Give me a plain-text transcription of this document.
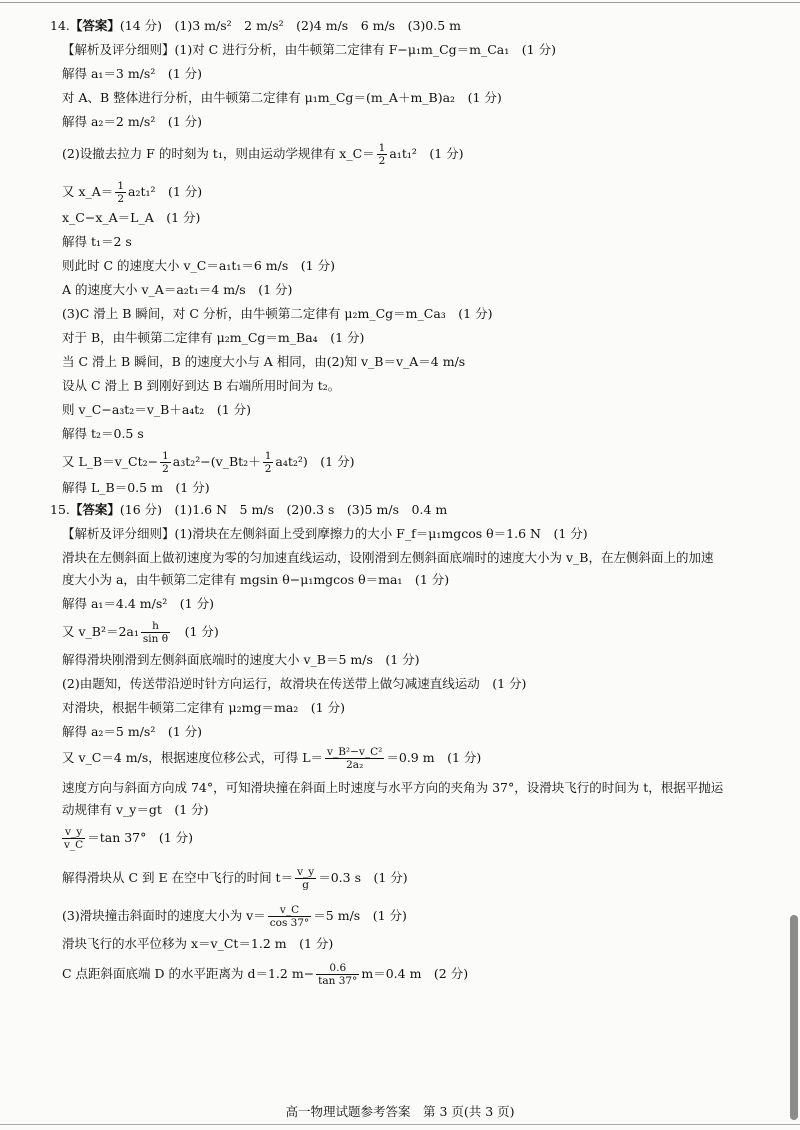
14.【答案】(14 分)　(1)3 m/s²　2 m/s²　(2)4 m/s　6 m/s　(3)0.5 m
【解析及评分细则】(1)对 C 进行分析，由牛顿第二定律有 F−μ₁m_Cg＝m_Ca₁　(1 分)
解得 a₁＝3 m/s²　(1 分)
对 A、B 整体进行分析，由牛顿第二定律有 μ₁m_Cg＝(m_A＋m_B)a₂　(1 分)
解得 a₂＝2 m/s²　(1 分)
(2)设撤去拉力 F 的时刻为 t₁，则由运动学规律有 x_C＝ $\frac{1}{2} a_1t_1^2$　(1 分)
又 x_A＝ $\frac{1}{2} a_2t_1^2$　(1 分)
x_C−x_A＝L_A　(1 分)
解得 t₁＝2 s
则此时 C 的速度大小 v_C＝a₁t₁＝6 m/s　(1 分)
A 的速度大小 v_A＝a₂t₁＝4 m/s　(1 分)
(3)C 滑上 B 瞬间，对 C 分析，由牛顿第二定律有 μ₂m_Cg＝m_Ca₃　(1 分)
对于 B，由牛顿第二定律有 μ₂m_Cg＝m_Ba₄　(1 分)
当 C 滑上 B 瞬间，B 的速度大小与 A 相同，由(2)知 v_B＝v_A＝4 m/s
设从 C 滑上 B 到刚好到达 B 右端所用时间为 t₂。
则 v_C−a₃t₂＝v_B＋a₄t₂　(1 分)
解得 t₂＝0.5 s
又 L_B＝v_Ct₂− $\frac{1}{2}$ a₃t₂²−(v_Bt₂＋ $\frac{1}{2} a_4t_2^2$)　(1 分)
解得 L_B＝0.5 m　(1 分)
15.【答案】(16 分)　(1)1.6 N　5 m/s　(2)0.3 s　(3)5 m/s　0.4 m
【解析及评分细则】(1)滑块在左侧斜面上受到摩擦力的大小 F_f＝μ₁mgcos θ＝1.6 N　(1 分)
滑块在左侧斜面上做初速度为零的匀加速直线运动，设刚滑到左侧斜面底端时的速度大小为 v_B，在左侧斜面上的加速
度大小为 a，由牛顿第二定律有 mgsin θ−μ₁mgcos θ＝ma₁　(1 分)
解得 a₁＝4.4 m/s²　(1 分)
又 v_B²＝2a₁ $\frac{h}{\text{sin θ}}$ 　(1 分)
解得滑块刚滑到左侧斜面底端时的速度大小 v_B＝5 m/s　(1 分)
(2)由题知，传送带沿逆时针方向运行，故滑块在传送带上做匀减速直线运动　(1 分)
对滑块，根据牛顿第二定律有 μ₂mg＝ma₂　(1 分)
解得 a₂＝5 m/s²　(1 分)
又 v_C＝4 m/s，根据速度位移公式，可得 $L= \frac{\text{v\_B²−v\_C²}}{\text{2a₂}} =0.9$ m　(1 分)
速度方向与斜面方向成 74°，可知滑块撞在斜面上时速度与水平方向的夹角为 37°，设滑块飞行的时间为 t，根据平抛运
动规律有 v_y＝gt　(1 分)
$\frac{v\_y}{v\_C} =\tan$ 37°　(1 分)
解得滑块从 C 到 E 在空中飞行的时间 $t= \frac{v\_y}{g} =0.3$ s　(1 分)
(3)滑块撞击斜面时的速度大小为 $v= \frac{v\_C}{\cos 37^\circ} =5$ m/s　(1 分)
滑块飞行的水平位移为 x＝v_Ct＝1.2 m　(1 分)
C 点距斜面底端 D 的水平距离为 d＝1.2 $m- \frac{0.6}{\tan 37^\circ} m=0.4$ m　(2 分)
高一物理试题参考答案　第 3 页(共 3 页)
